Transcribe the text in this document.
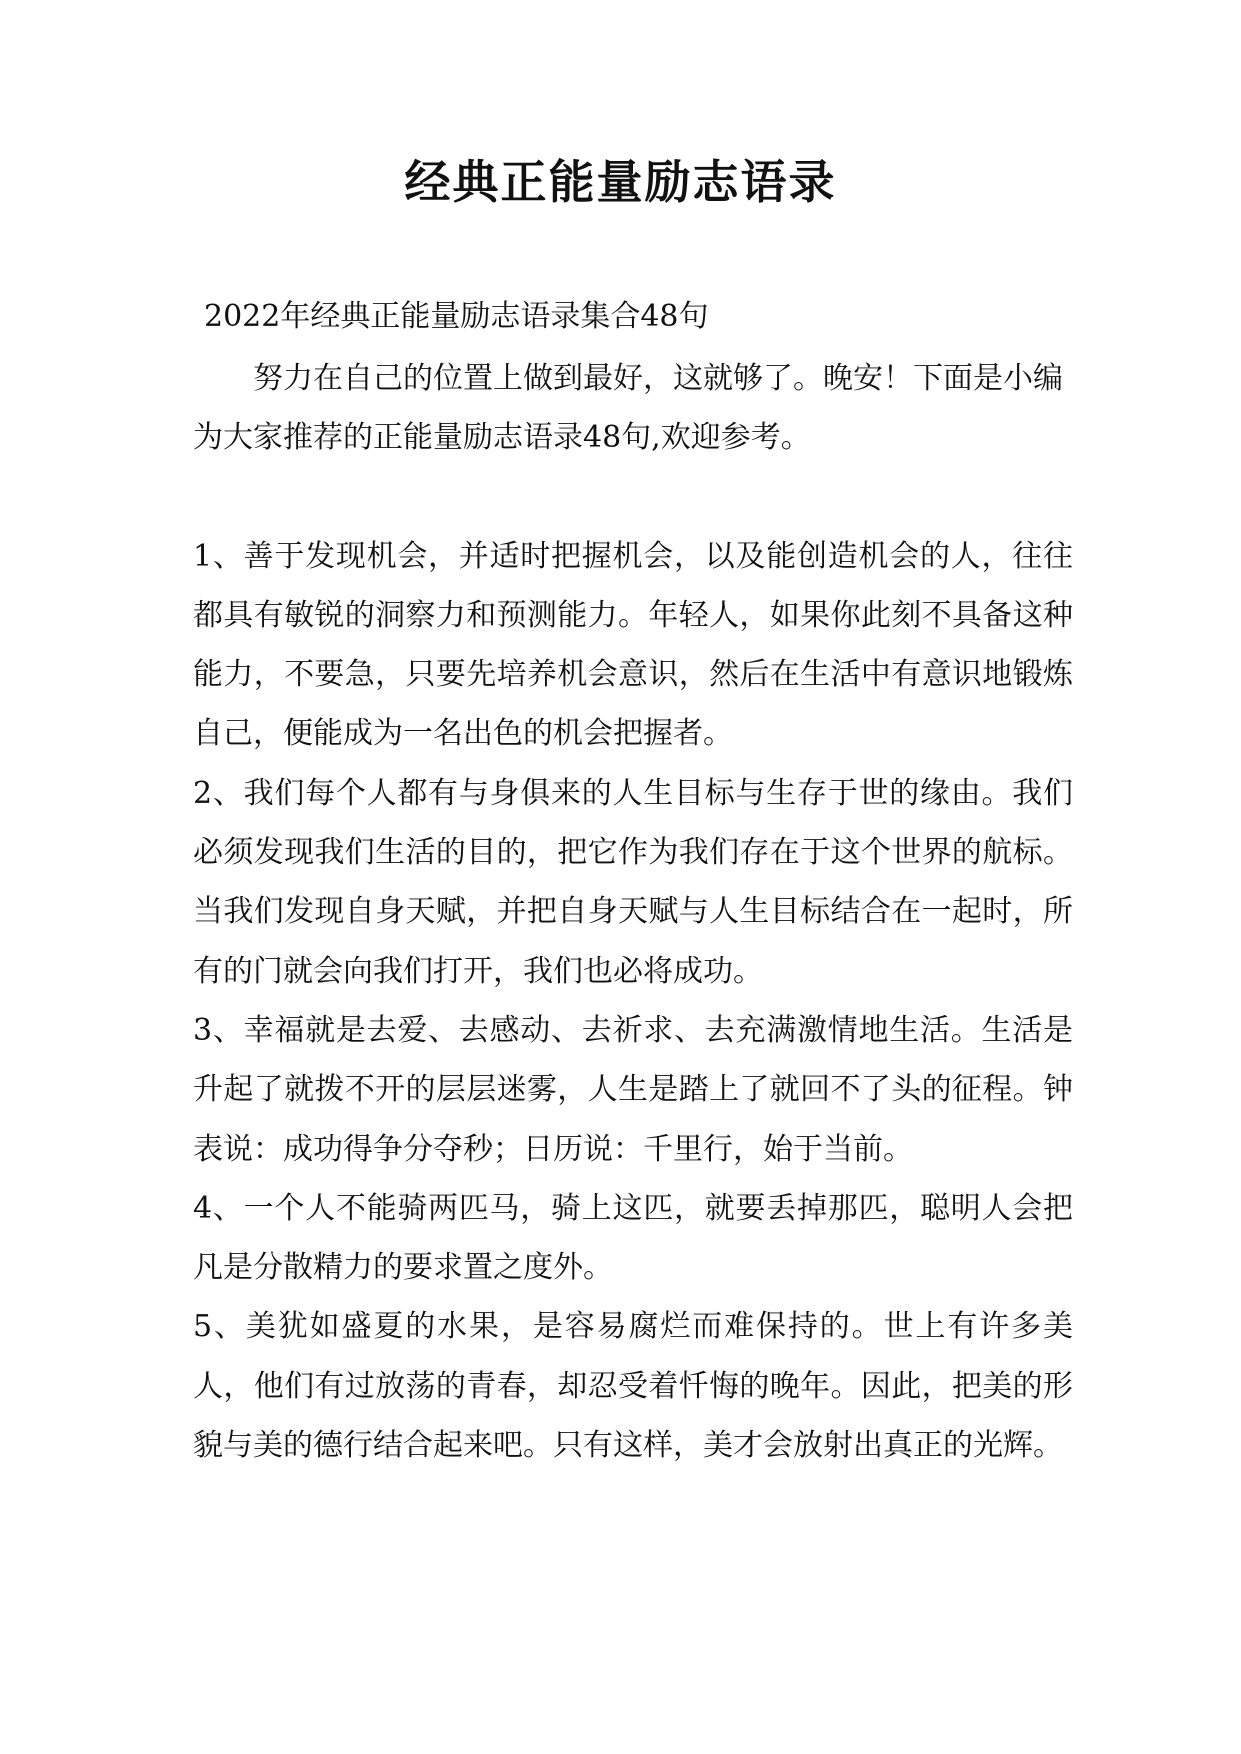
经典正能量励志语录
2022年经典正能量励志语录集合48句

努力在自己的位置上做到最好，这就够了。晚安！下面是小编为大家推荐的正能量励志语录48句,欢迎参考。

1、善于发现机会，并适时把握机会，以及能创造机会的人，往往都具有敏锐的洞察力和预测能力。年轻人，如果你此刻不具备这种能力，不要急，只要先培养机会意识，然后在生活中有意识地锻炼自己，便能成为一名出色的机会把握者。

2、我们每个人都有与身俱来的人生目标与生存于世的缘由。我们必须发现我们生活的目的，把它作为我们存在于这个世界的航标。当我们发现自身天赋，并把自身天赋与人生目标结合在一起时，所有的门就会向我们打开，我们也必将成功。

3、幸福就是去爱、去感动、去祈求、去充满激情地生活。生活是升起了就拨不开的层层迷雾，人生是踏上了就回不了头的征程。钟表说：成功得争分夺秒；日历说：千里行，始于当前。

4、一个人不能骑两匹马，骑上这匹，就要丢掉那匹，聪明人会把凡是分散精力的要求置之度外。

5、美犹如盛夏的水果，是容易腐烂而难保持的。世上有许多美人，他们有过放荡的青春，却忍受着忏悔的晚年。因此，把美的形貌与美的德行结合起来吧。只有这样，美才会放射出真正的光辉。
